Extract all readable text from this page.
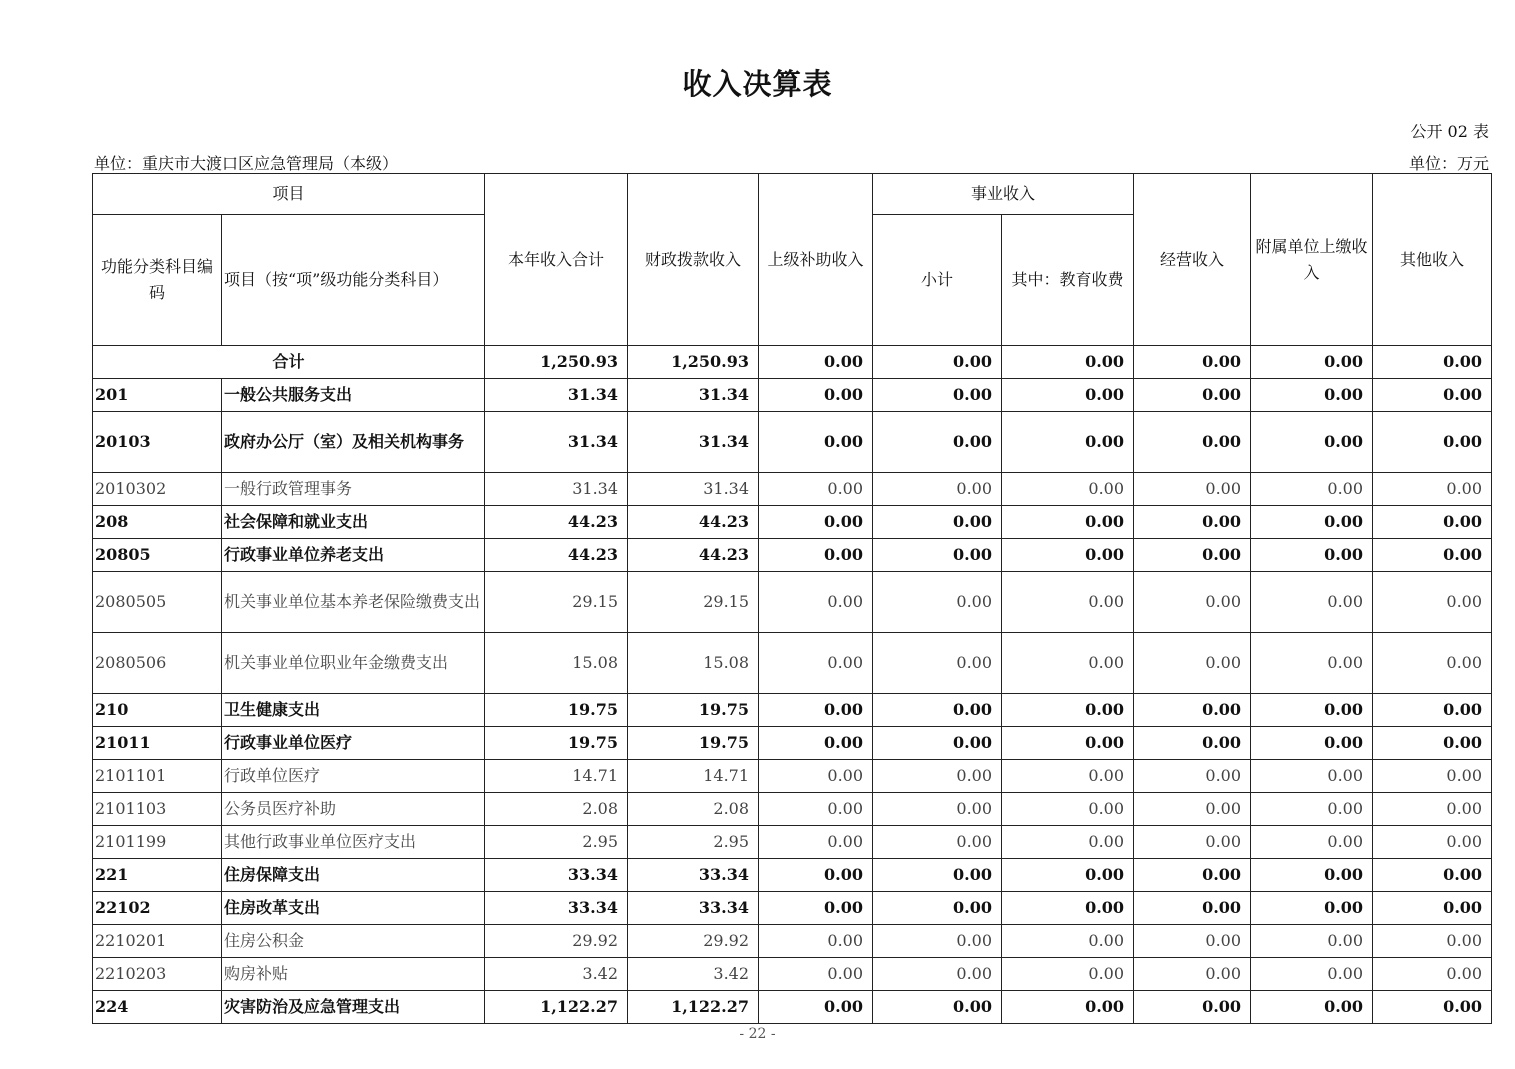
收入决算表
公开 02 表
单位：重庆市大渡口区应急管理局（本级）	单位：万元
项目		本年收入合计	财政拨款收入	上级补助收入	事业收入		经营收入	附属单位上缴收入	其他收入
功能分类科目编码	项目（按“项”级功能分类科目）				小计	其中：教育收费			
合计		1,250.93	1,250.93	0.00	0.00	0.00	0.00	0.00	0.00
201	一般公共服务支出	31.34	31.34	0.00	0.00	0.00	0.00	0.00	0.00
20103	政府办公厅（室）及相关机构事务	31.34	31.34	0.00	0.00	0.00	0.00	0.00	0.00
2010302	一般行政管理事务	31.34	31.34	0.00	0.00	0.00	0.00	0.00	0.00
208	社会保障和就业支出	44.23	44.23	0.00	0.00	0.00	0.00	0.00	0.00
20805	行政事业单位养老支出	44.23	44.23	0.00	0.00	0.00	0.00	0.00	0.00
2080505	机关事业单位基本养老保险缴费支出	29.15	29.15	0.00	0.00	0.00	0.00	0.00	0.00
2080506	机关事业单位职业年金缴费支出	15.08	15.08	0.00	0.00	0.00	0.00	0.00	0.00
210	卫生健康支出	19.75	19.75	0.00	0.00	0.00	0.00	0.00	0.00
21011	行政事业单位医疗	19.75	19.75	0.00	0.00	0.00	0.00	0.00	0.00
2101101	行政单位医疗	14.71	14.71	0.00	0.00	0.00	0.00	0.00	0.00
2101103	公务员医疗补助	2.08	2.08	0.00	0.00	0.00	0.00	0.00	0.00
2101199	其他行政事业单位医疗支出	2.95	2.95	0.00	0.00	0.00	0.00	0.00	0.00
221	住房保障支出	33.34	33.34	0.00	0.00	0.00	0.00	0.00	0.00
22102	住房改革支出	33.34	33.34	0.00	0.00	0.00	0.00	0.00	0.00
2210201	住房公积金	29.92	29.92	0.00	0.00	0.00	0.00	0.00	0.00
2210203	购房补贴	3.42	3.42	0.00	0.00	0.00	0.00	0.00	0.00
224	灾害防治及应急管理支出	1,122.27	1,122.27	0.00	0.00	0.00	0.00	0.00	0.00
- 22 -
